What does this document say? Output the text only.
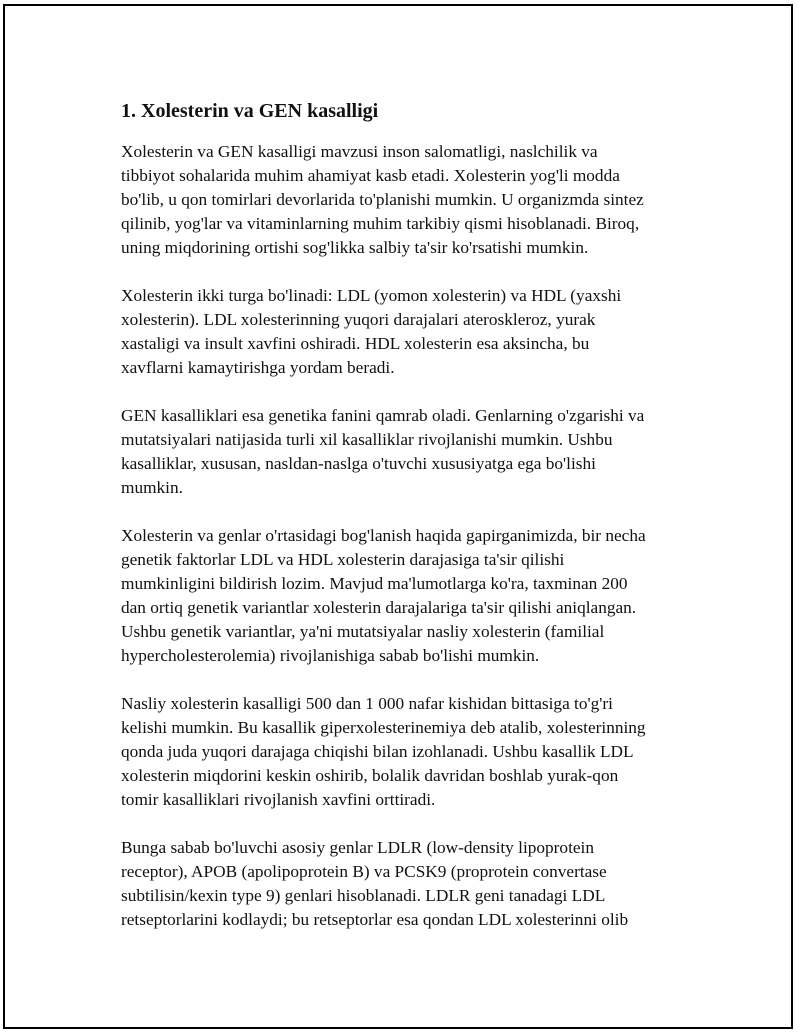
1. Xolesterin va GEN kasalligi

Xolesterin va GEN kasalligi mavzusi inson salomatligi, naslchilik va
tibbiyot sohalarida muhim ahamiyat kasb etadi. Xolesterin yog'li modda
bo'lib, u qon tomirlari devorlarida to'planishi mumkin. U organizmda sintez
qilinib, yog'lar va vitaminlarning muhim tarkibiy qismi hisoblanadi. Biroq,
uning miqdorining ortishi sog'likka salbiy ta'sir ko'rsatishi mumkin.

Xolesterin ikki turga bo'linadi: LDL (yomon xolesterin) va HDL (yaxshi
xolesterin). LDL xolesterinning yuqori darajalari ateroskleroz, yurak
xastaligi va insult xavfini oshiradi. HDL xolesterin esa aksincha, bu
xavflarni kamaytirishga yordam beradi.

GEN kasalliklari esa genetika fanini qamrab oladi. Genlarning o'zgarishi va
mutatsiyalari natijasida turli xil kasalliklar rivojlanishi mumkin. Ushbu
kasalliklar, xususan, nasldan-naslga o'tuvchi xususiyatga ega bo'lishi
mumkin.

Xolesterin va genlar o'rtasidagi bog'lanish haqida gapirganimizda, bir necha
genetik faktorlar LDL va HDL xolesterin darajasiga ta'sir qilishi
mumkinligini bildirish lozim. Mavjud ma'lumotlarga ko'ra, taxminan 200
dan ortiq genetik variantlar xolesterin darajalariga ta'sir qilishi aniqlangan.
Ushbu genetik variantlar, ya'ni mutatsiyalar nasliy xolesterin (familial
hypercholesterolemia) rivojlanishiga sabab bo'lishi mumkin.

Nasliy xolesterin kasalligi 500 dan 1 000 nafar kishidan bittasiga to'g'ri
kelishi mumkin. Bu kasallik giperxolesterinemiya deb atalib, xolesterinning
qonda juda yuqori darajaga chiqishi bilan izohlanadi. Ushbu kasallik LDL
xolesterin miqdorini keskin oshirib, bolalik davridan boshlab yurak-qon
tomir kasalliklari rivojlanish xavfini orttiradi.

Bunga sabab bo'luvchi asosiy genlar LDLR (low-density lipoprotein
receptor), APOB (apolipoprotein B) va PCSK9 (proprotein convertase
subtilisin/kexin type 9) genlari hisoblanadi. LDLR geni tanadagi LDL
retseptorlarini kodlaydi; bu retseptorlar esa qondan LDL xolesterinni olib
